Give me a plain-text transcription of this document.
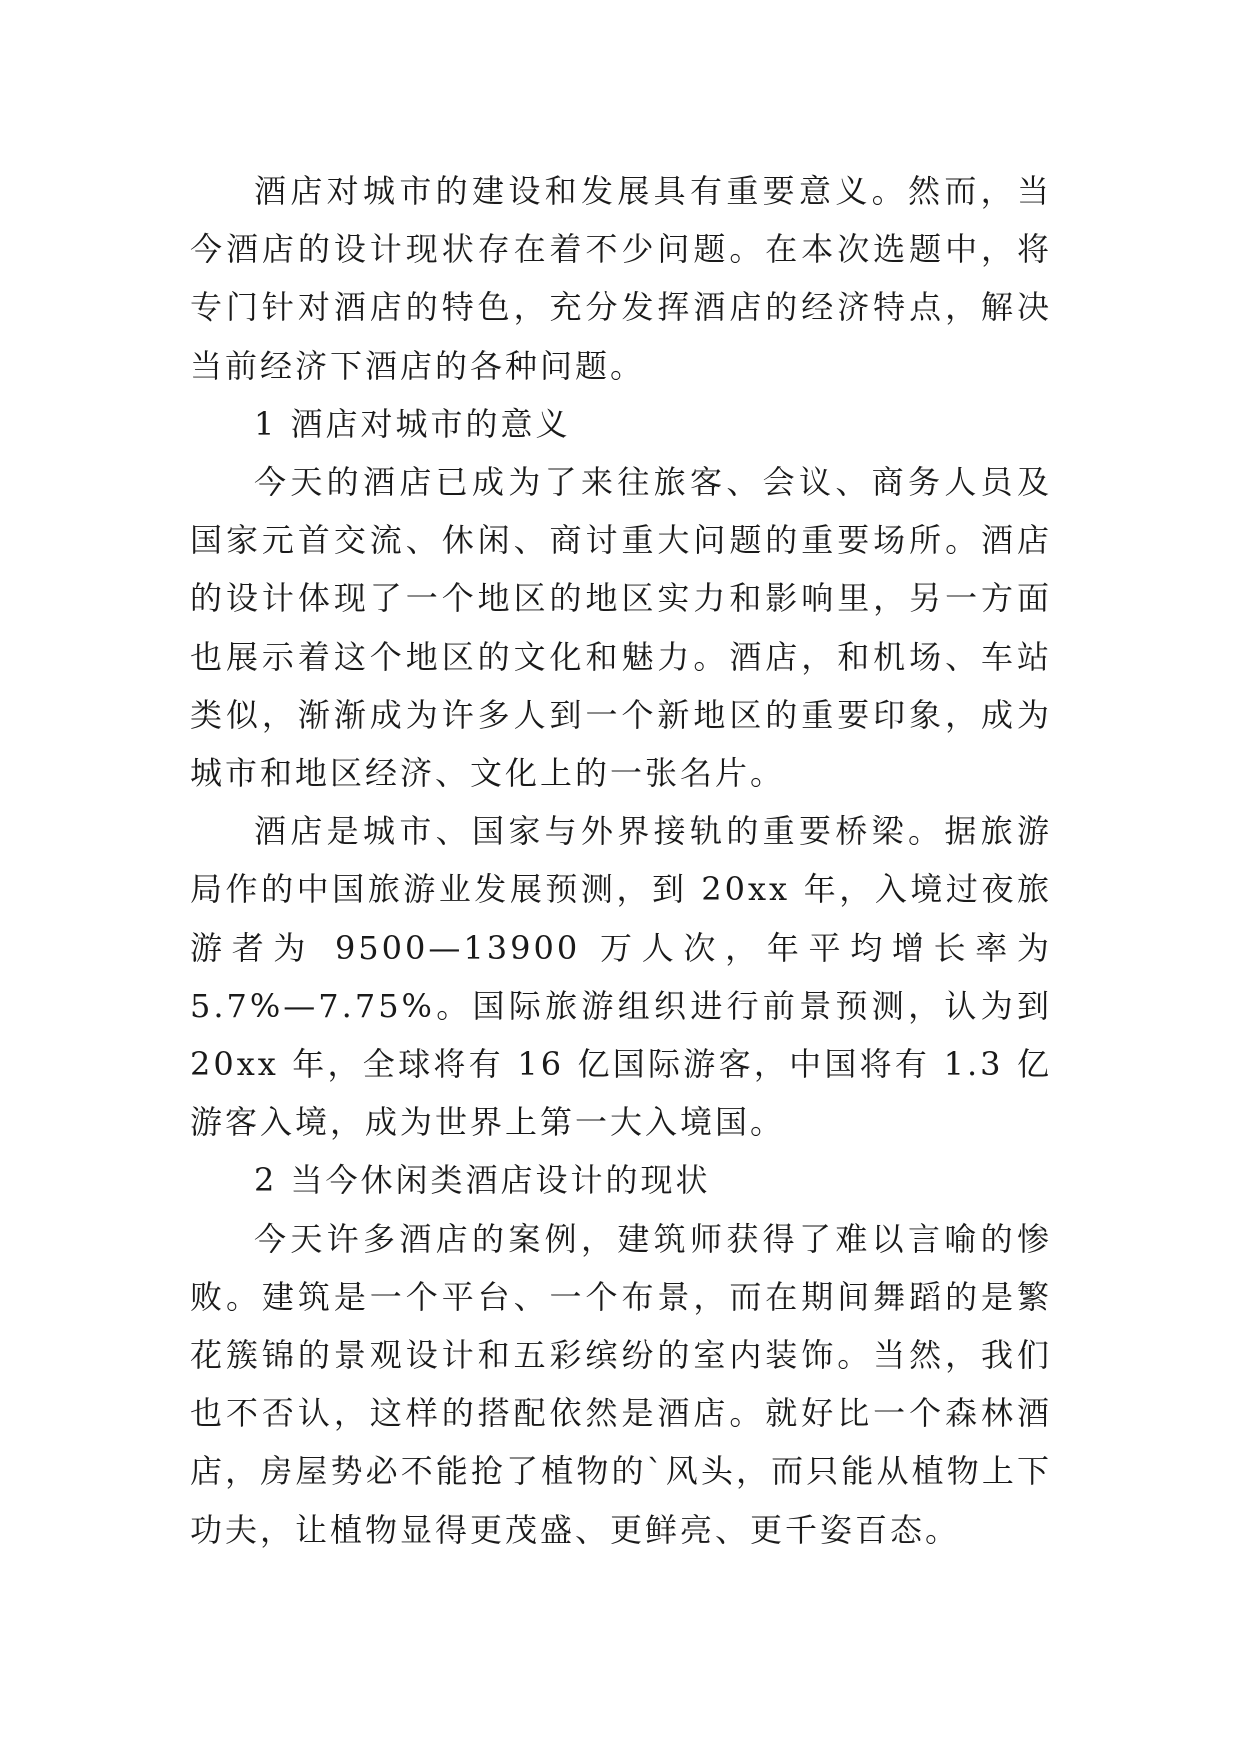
酒店对城市的建设和发展具有重要意义。然而，当今酒店的设计现状存在着不少问题。在本次选题中，将专门针对酒店的特色，充分发挥酒店的经济特点，解决当前经济下酒店的各种问题。

1 酒店对城市的意义

今天的酒店已成为了来往旅客、会议、商务人员及国家元首交流、休闲、商讨重大问题的重要场所。酒店的设计体现了一个地区的地区实力和影响里，另一方面也展示着这个地区的文化和魅力。酒店，和机场、车站类似，渐渐成为许多人到一个新地区的重要印象，成为城市和地区经济、文化上的一张名片。

酒店是城市、国家与外界接轨的重要桥梁。据旅游局作的中国旅游业发展预测，到 20xx 年，入境过夜旅游者为 9500—13900 万人次，年平均增长率为 5.7%—7.75%。国际旅游组织进行前景预测，认为到 20xx 年，全球将有 16 亿国际游客，中国将有 1.3 亿游客入境，成为世界上第一大入境国。

2 当今休闲类酒店设计的现状

今天许多酒店的案例，建筑师获得了难以言喻的惨败。建筑是一个平台、一个布景，而在期间舞蹈的是繁花簇锦的景观设计和五彩缤纷的室内装饰。当然，我们也不否认，这样的搭配依然是酒店。就好比一个森林酒店，房屋势必不能抢了植物的`风头，而只能从植物上下功夫，让植物显得更茂盛、更鲜亮、更千姿百态。
